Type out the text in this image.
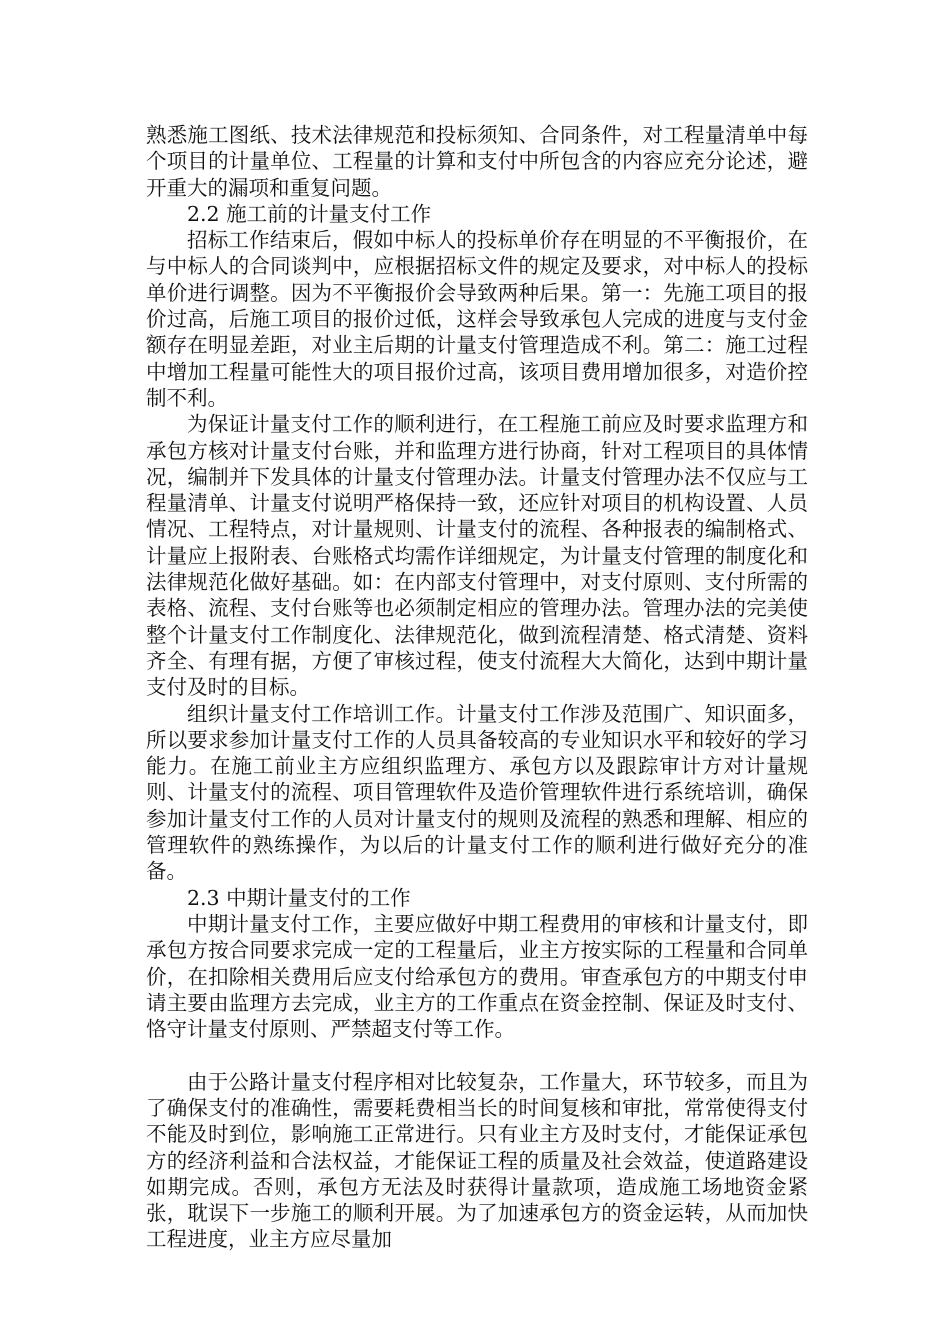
熟悉施工图纸、技术法律规范和投标须知、合同条件，对工程量清单中每个项目的计量单位、工程量的计算和支付中所包含的内容应充分论述，避开重大的漏项和重复问题。

2.2 施工前的计量支付工作

招标工作结束后，假如中标人的投标单价存在明显的不平衡报价，在与中标人的合同谈判中，应根据招标文件的规定及要求，对中标人的投标单价进行调整。因为不平衡报价会导致两种后果。第一：先施工项目的报价过高，后施工项目的报价过低，这样会导致承包人完成的进度与支付金额存在明显差距，对业主后期的计量支付管理造成不利。第二：施工过程中增加工程量可能性大的项目报价过高，该项目费用增加很多，对造价控制不利。

为保证计量支付工作的顺利进行，在工程施工前应及时要求监理方和承包方核对计量支付台账，并和监理方进行协商，针对工程项目的具体情况，编制并下发具体的计量支付管理办法。计量支付管理办法不仅应与工程量清单、计量支付说明严格保持一致，还应针对项目的机构设置、人员情况、工程特点，对计量规则、计量支付的流程、各种报表的编制格式、计量应上报附表、台账格式均需作详细规定，为计量支付管理的制度化和法律规范化做好基础。如：在内部支付管理中，对支付原则、支付所需的表格、流程、支付台账等也必须制定相应的管理办法。管理办法的完美使整个计量支付工作制度化、法律规范化，做到流程清楚、格式清楚、资料齐全、有理有据，方便了审核过程，使支付流程大大简化，达到中期计量支付及时的目标。

组织计量支付工作培训工作。计量支付工作涉及范围广、知识面多，所以要求参加计量支付工作的人员具备较高的专业知识水平和较好的学习能力。在施工前业主方应组织监理方、承包方以及跟踪审计方对计量规则、计量支付的流程、项目管理软件及造价管理软件进行系统培训，确保参加计量支付工作的人员对计量支付的规则及流程的熟悉和理解、相应的管理软件的熟练操作，为以后的计量支付工作的顺利进行做好充分的准备。

2.3 中期计量支付的工作

中期计量支付工作，主要应做好中期工程费用的审核和计量支付，即承包方按合同要求完成一定的工程量后，业主方按实际的工程量和合同单价，在扣除相关费用后应支付给承包方的费用。审查承包方的中期支付申请主要由监理方去完成，业主方的工作重点在资金控制、保证及时支付、恪守计量支付原则、严禁超支付等工作。

由于公路计量支付程序相对比较复杂，工作量大，环节较多，而且为了确保支付的准确性，需要耗费相当长的时间复核和审批，常常使得支付不能及时到位，影响施工正常进行。只有业主方及时支付，才能保证承包方的经济利益和合法权益，才能保证工程的质量及社会效益，使道路建设如期完成。否则，承包方无法及时获得计量款项，造成施工场地资金紧张，耽误下一步施工的顺利开展。为了加速承包方的资金运转，从而加快工程进度，业主方应尽量加
